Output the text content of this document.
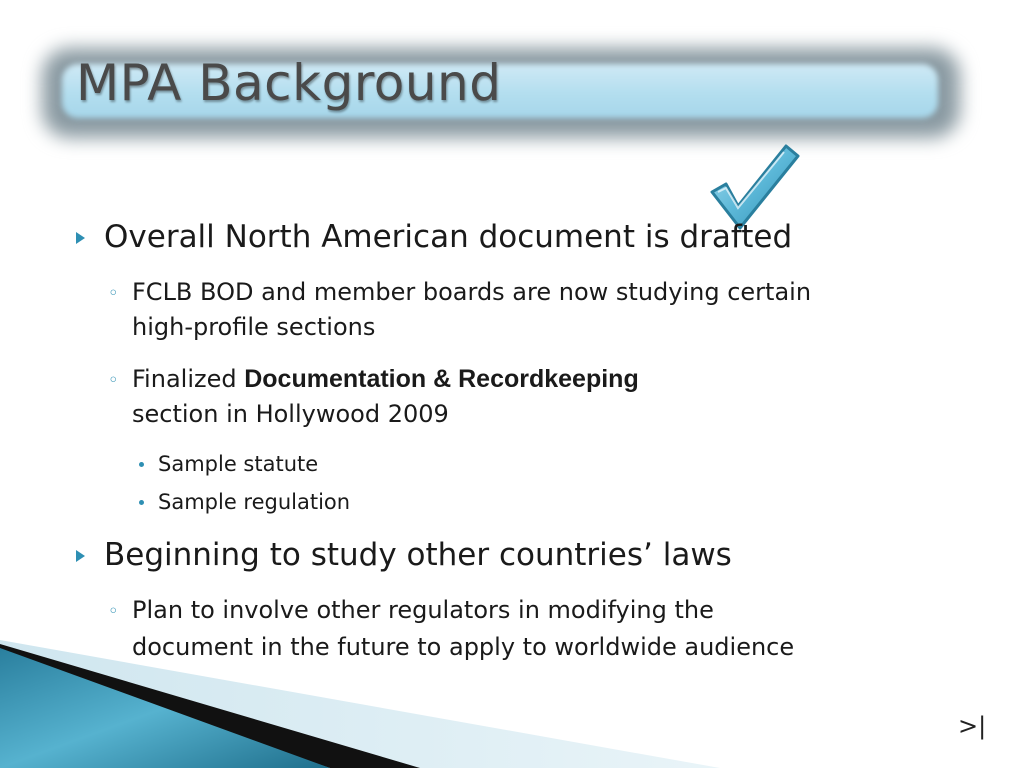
MPA Background
Overall North American document is drafted
◦ FCLB BOD and member boards are now studying certain
high-profile sections
◦ Finalized Documentation & Recordkeeping
section in Hollywood 2009
Sample statute
Sample regulation
Beginning to study other countries’ laws
◦ Plan to involve other regulators in modifying the
document in the future to apply to worldwide audience
>|
